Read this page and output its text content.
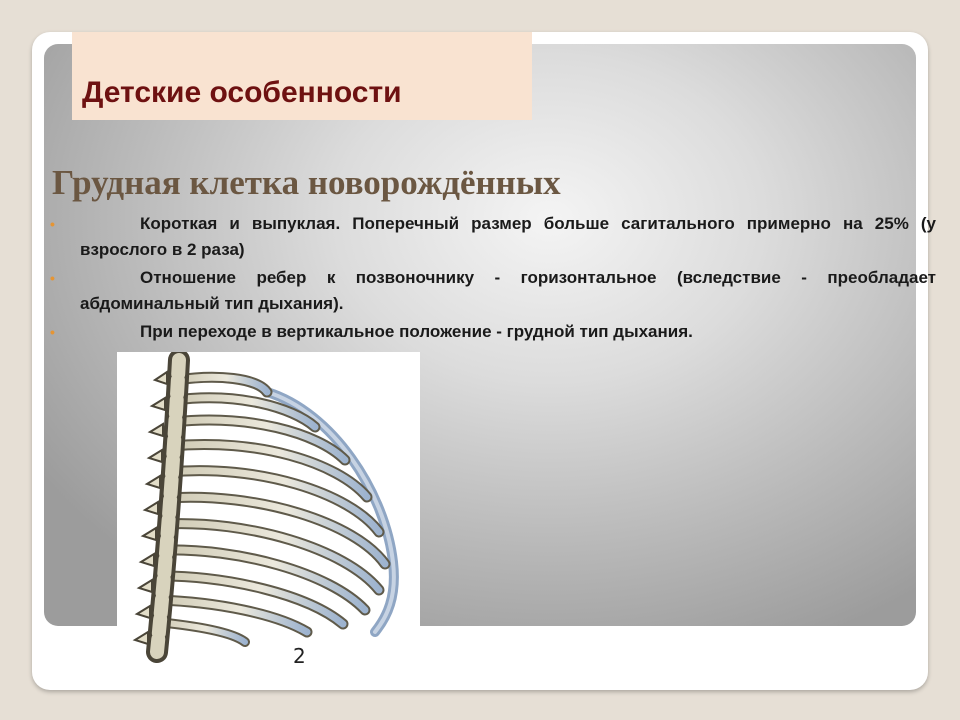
Детские особенности
Грудная клетка новорождённых
•	Короткая и выпуклая. Поперечный размер больше сагитального примерно на 25% (у взрослого в 2 раза)
•	Отношение ребер к позвоночнику - горизонтальное (вследствие - преобладает абдоминальный тип дыхания).
•	При переходе в вертикальное положение - грудной тип дыхания.
2
